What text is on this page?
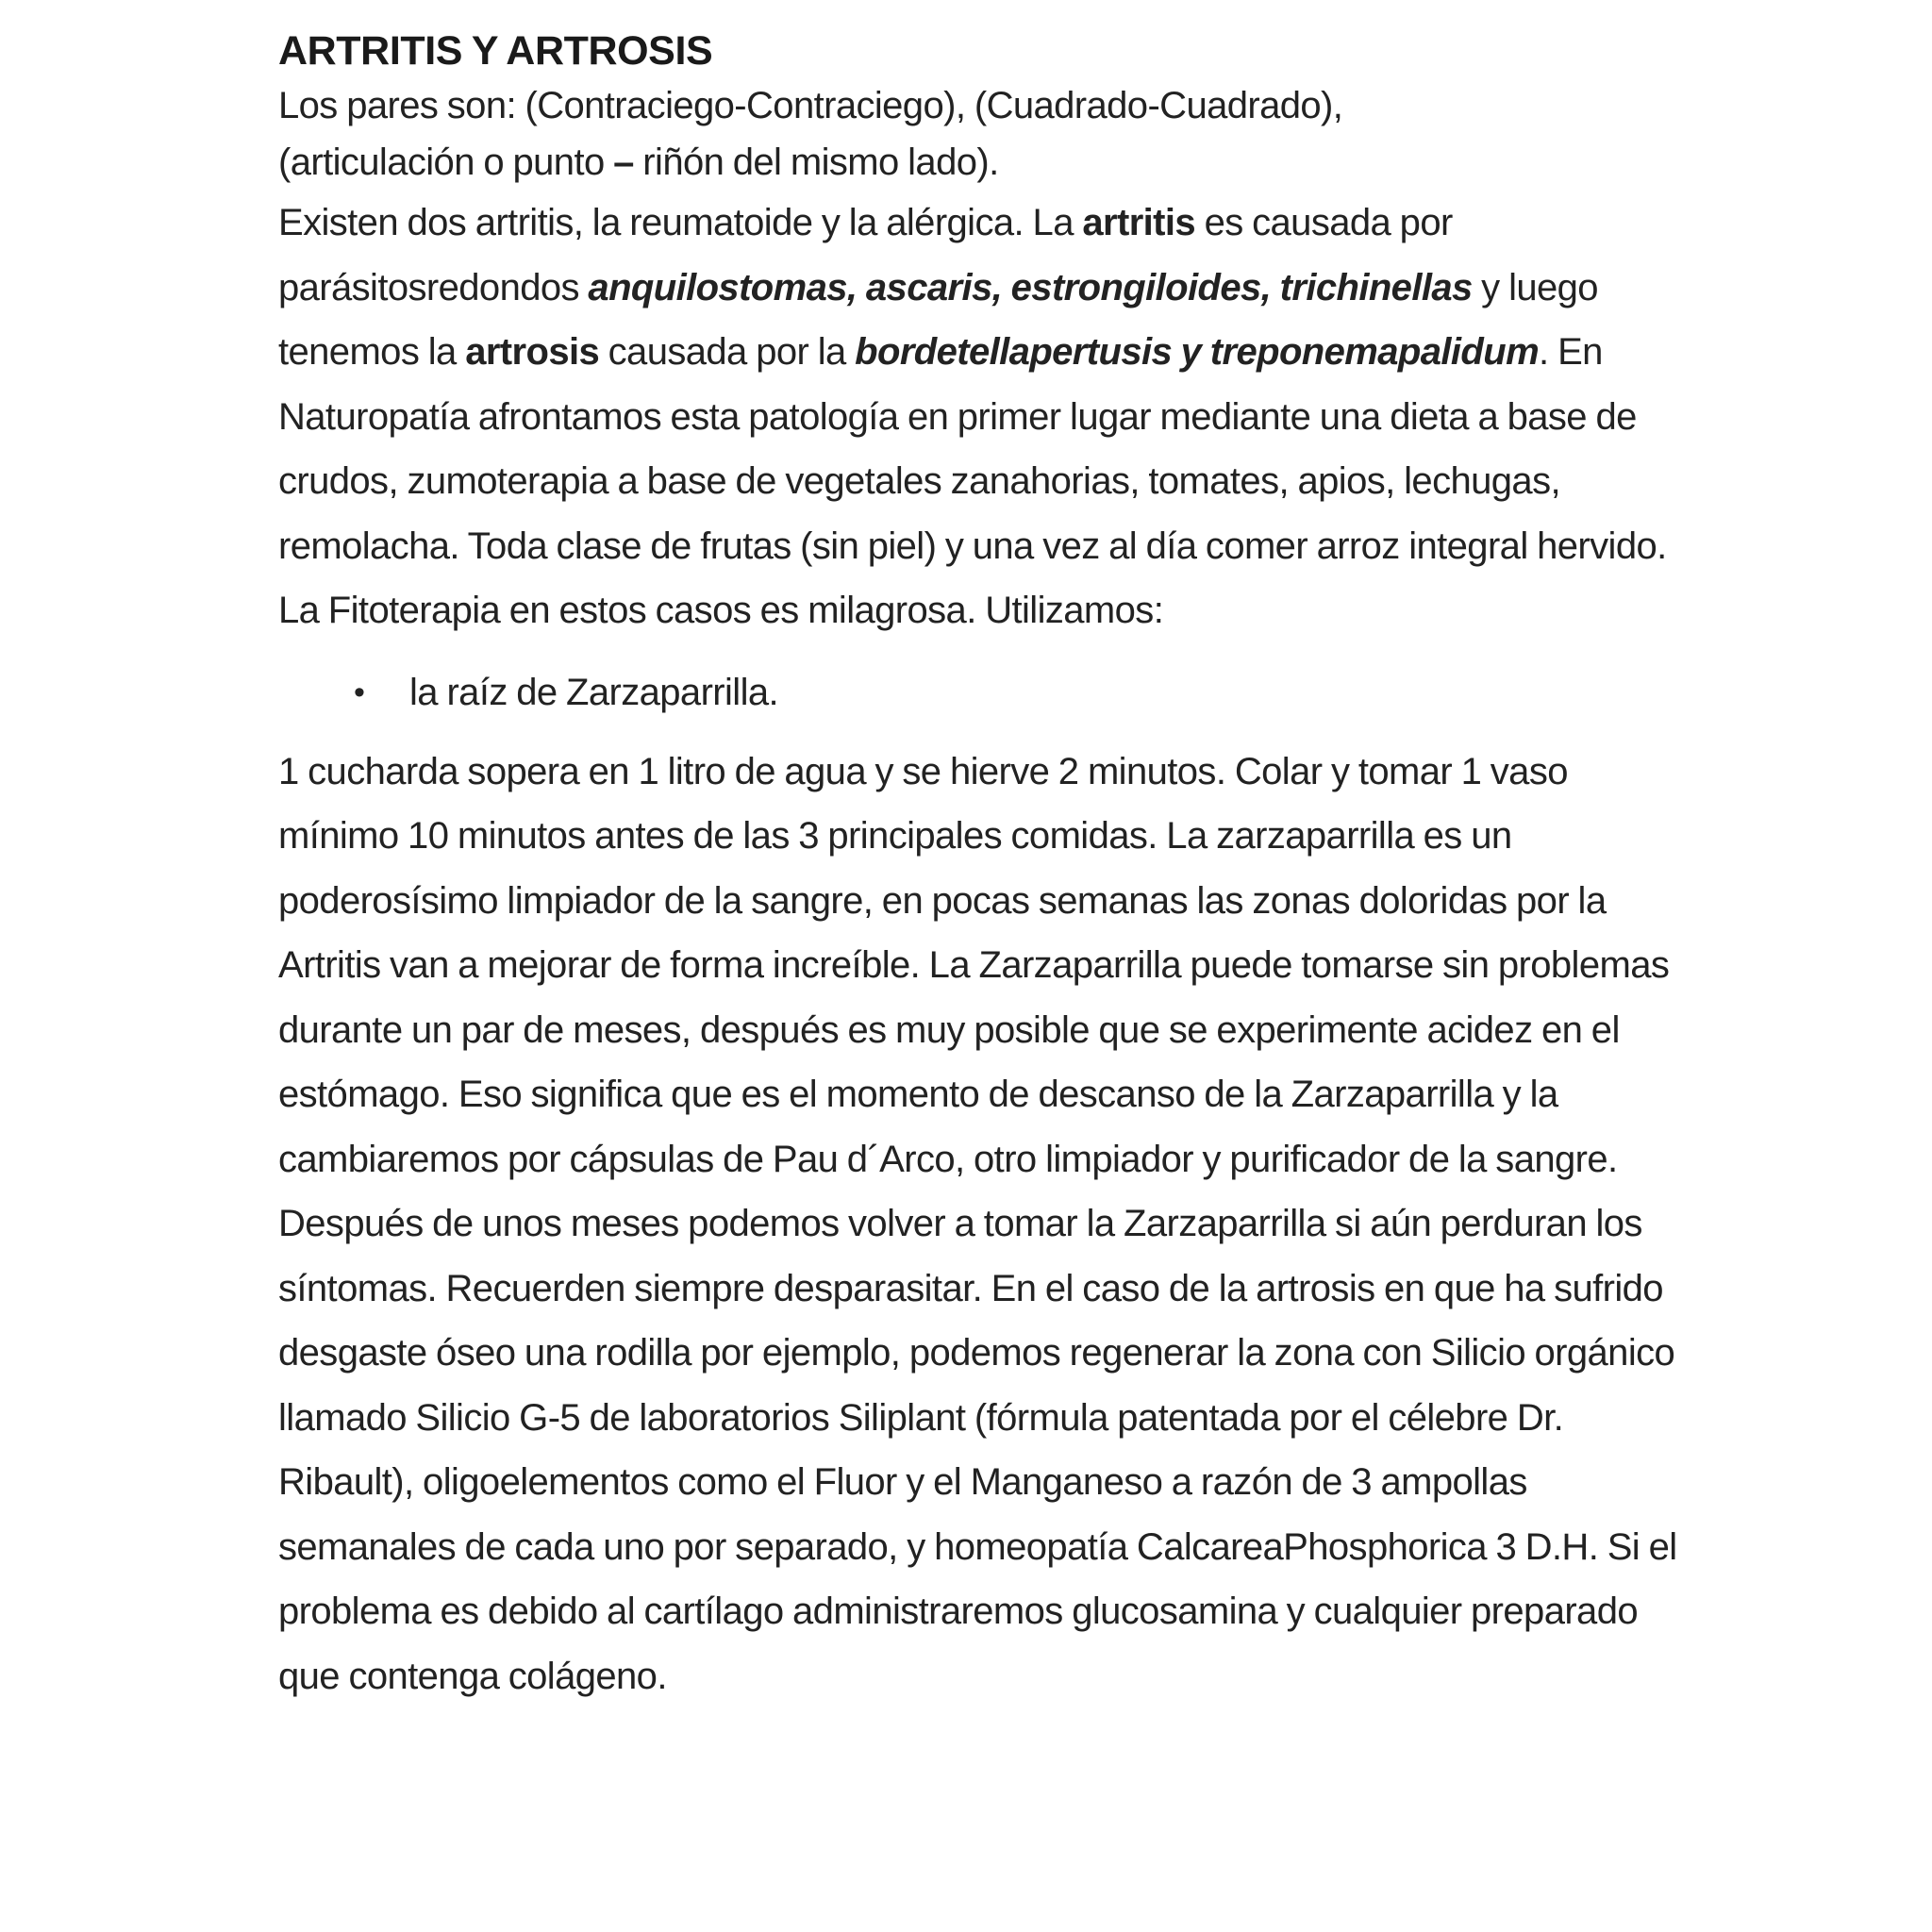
ARTRITIS Y ARTROSIS

Los pares son: (Contraciego-Contraciego), (Cuadrado-Cuadrado),
(articulación o punto – riñón del mismo lado).

Existen dos artritis, la reumatoide y la alérgica. La artritis es causada por parásitosredondos anquilostomas, ascaris, estrongiloides, trichinellas y luego tenemos la artrosis causada por la bordetellapertusis y treponemapalidum. En Naturopatía afrontamos esta patología en primer lugar mediante una dieta a base de crudos, zumoterapia a base de vegetales zanahorias, tomates, apios, lechugas, remolacha. Toda clase de frutas (sin piel) y una vez al día comer arroz integral hervido. La Fitoterapia en estos casos es milagrosa. Utilizamos:

• la raíz de Zarzaparrilla.

1 cucharda sopera en 1 litro de agua y se hierve 2 minutos. Colar y tomar 1 vaso mínimo 10 minutos antes de las 3 principales comidas. La zarzaparrilla es un poderosísimo limpiador de la sangre, en pocas semanas las zonas doloridas por la Artritis van a mejorar de forma increíble. La Zarzaparrilla puede tomarse sin problemas durante un par de meses, después es muy posible que se experimente acidez en el estómago. Eso significa que es el momento de descanso de la Zarzaparrilla y la cambiaremos por cápsulas de Pau d´Arco, otro limpiador y purificador de la sangre. Después de unos meses podemos volver a tomar la Zarzaparrilla si aún perduran los síntomas. Recuerden siempre desparasitar. En el caso de la artrosis en que ha sufrido desgaste óseo una rodilla por ejemplo, podemos regenerar la zona con Silicio orgánico llamado Silicio G-5 de laboratorios Siliplant (fórmula patentada por el célebre Dr. Ribault), oligoelementos como el Fluor y el Manganeso a razón de 3 ampollas semanales de cada uno por separado, y homeopatía CalcareaPhosphorica 3 D.H. Si el problema es debido al cartílago administraremos glucosamina y cualquier preparado que contenga colágeno.
